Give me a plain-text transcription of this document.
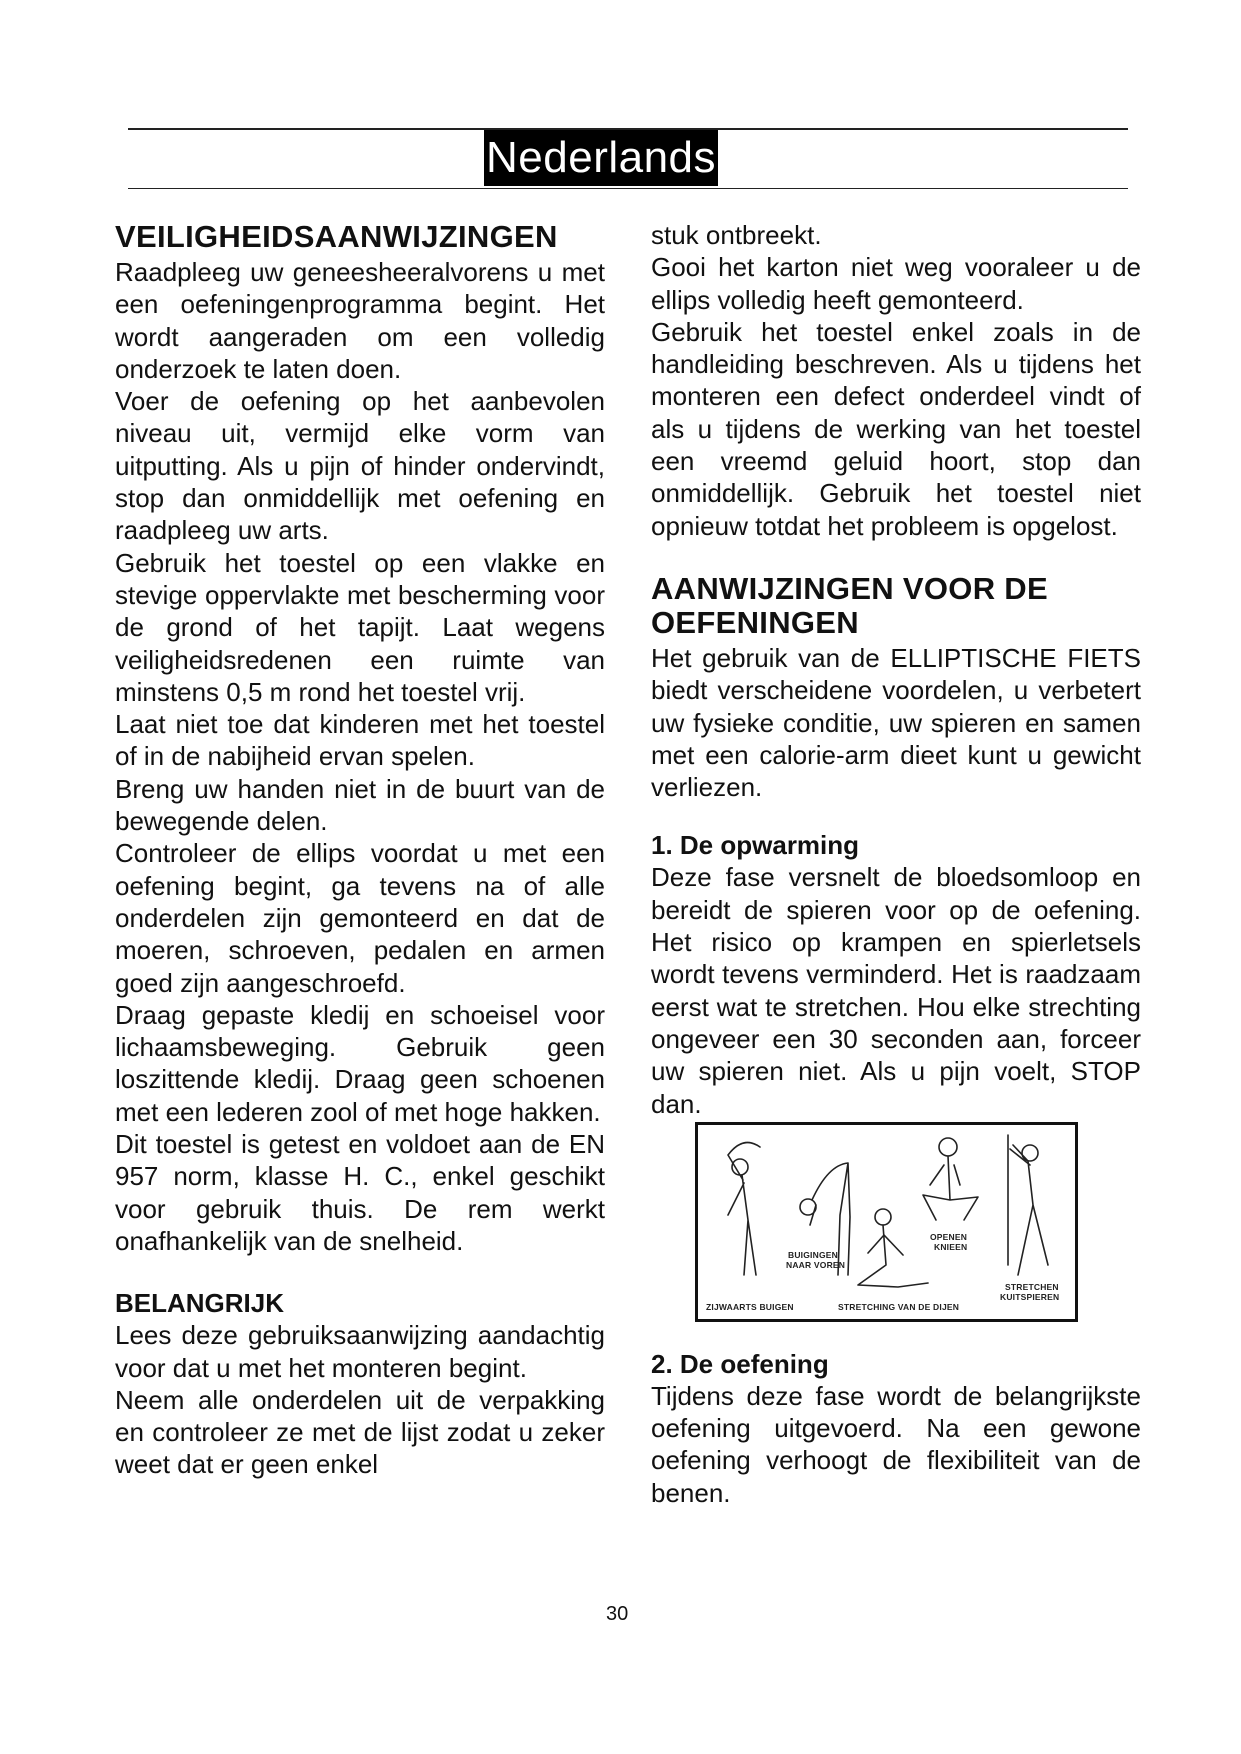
Nederlands
VEILIGHEIDSAANWIJZINGEN

Raadpleeg uw geneesheeralvorens u met een oefeningenprogramma begint. Het wordt aangeraden om een volledig onderzoek te laten doen.

Voer de oefening op het aanbevolen niveau uit, vermijd elke vorm van uitputting. Als u pijn of hinder ondervindt, stop dan onmiddellijk met oefening en raadpleeg uw arts.

Gebruik het toestel op een vlakke en stevige oppervlakte met bescherming voor de grond of het tapijt. Laat wegens veiligheidsredenen een ruimte van minstens 0,5 m rond het toestel vrij.

Laat niet toe dat kinderen met het toestel of in de nabijheid ervan spelen.

Breng uw handen niet in de buurt van de bewegende delen.

Controleer de ellips voordat u met een oefening begint, ga tevens na of alle onderdelen zijn gemonteerd en dat de moeren, schroeven, pedalen en armen goed zijn aangeschroefd.

Draag gepaste kledij en schoeisel voor lichaamsbeweging. Gebruik geen loszittende kledij. Draag geen schoenen met een lederen zool of met hoge hakken.

Dit toestel is getest en voldoet aan de EN 957 norm, klasse H. C., enkel geschikt voor gebruik thuis. De rem werkt onafhankelijk van de snelheid.

BELANGRIJK

Lees deze gebruiksaanwijzing aandachtig voor dat u met het monteren begint.

Neem alle onderdelen uit de verpakking en controleer ze met de lijst zodat u zeker weet dat er geen enkel

stuk ontbreekt.

Gooi het karton niet weg vooraleer u de ellips volledig heeft gemonteerd.

Gebruik het toestel enkel zoals in de handleiding beschreven. Als u tijdens het monteren een defect onderdeel vindt of als u tijdens de werking van het toestel een vreemd geluid hoort, stop dan onmiddellijk. Gebruik het toestel niet opnieuw totdat het probleem is opgelost.

AANWIJZINGEN VOOR DE OEFENINGEN

Het gebruik van de ELLIPTISCHE FIETS biedt verscheidene voordelen, u verbetert uw fysieke conditie, uw spieren en samen met een calorie-arm dieet kunt u gewicht verliezen.

1. De opwarming

Deze fase versnelt de bloedsomloop en bereidt de spieren voor op de oefening. Het risico op krampen en spierletsels wordt tevens verminderd. Het is raadzaam eerst wat te stretchen. Hou elke strechting ongeveer een 30 seconden aan, forceer uw spieren niet. Als u pijn voelt, STOP dan.

ZIJWAARTS BUIGEN
BUIGINGEN
NAAR VOREN
STRETCHING VAN DE DIJEN
OPENEN
KNIEEN
STRETCHEN
KUITSPIEREN
2. De oefening

Tijdens deze fase wordt de belangrijkste oefening uitgevoerd. Na een gewone oefening verhoogt de flexibiliteit van de benen.

30
